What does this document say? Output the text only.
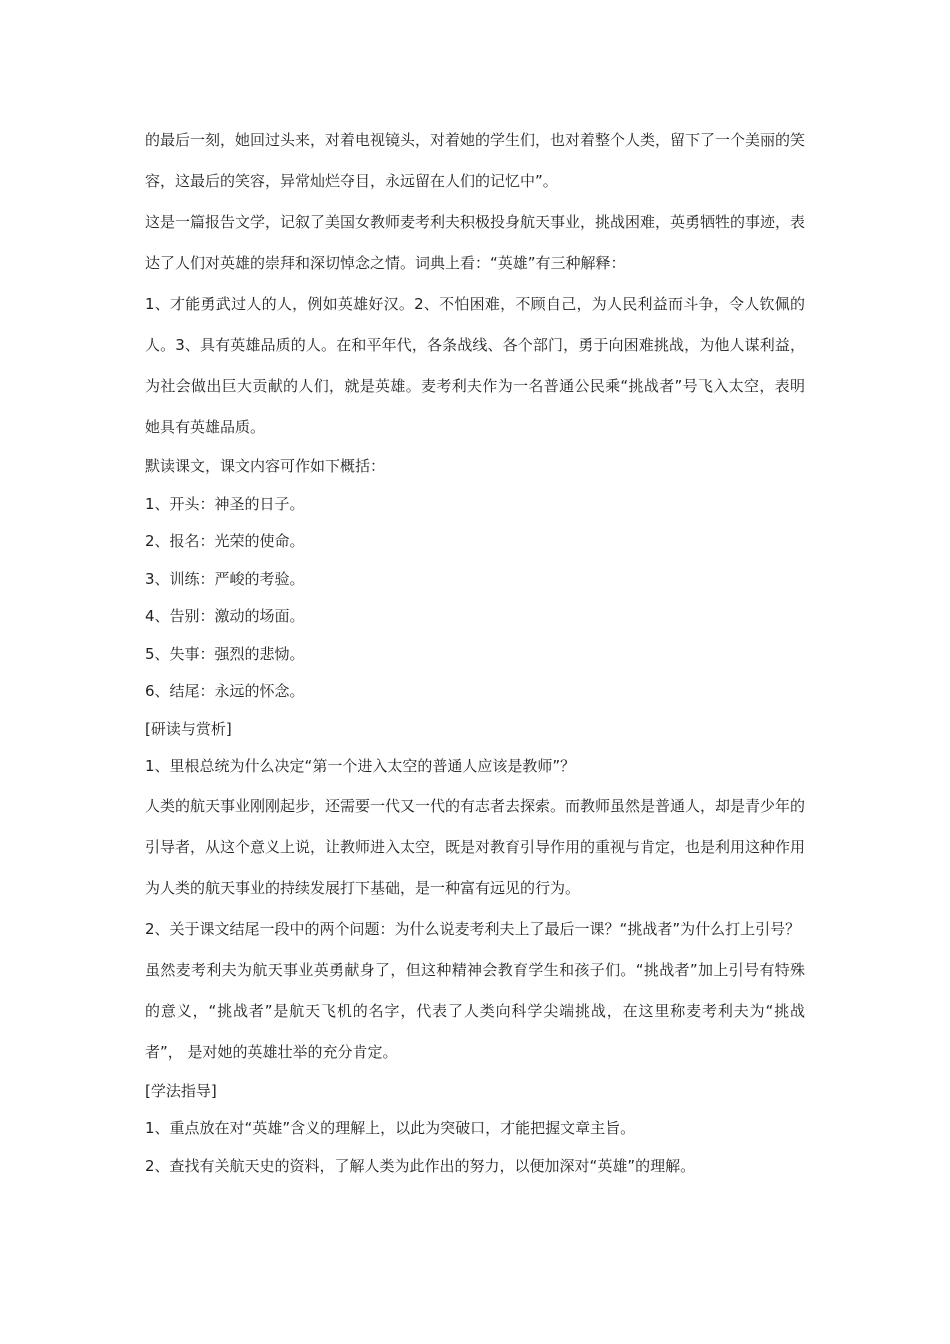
的最后一刻，她回过头来，对着电视镜头，对着她的学生们，也对着整个人类，留下了一个美丽的笑容，这最后的笑容，异常灿烂夺目，永远留在人们的记忆中”。

这是一篇报告文学，记叙了美国女教师麦考利夫积极投身航天事业，挑战困难，英勇牺牲的事迹，表达了人们对英雄的崇拜和深切悼念之情。词典上看：“英雄”有三种解释：

1、才能勇武过人的人，例如英雄好汉。2、不怕困难，不顾自己，为人民利益而斗争，令人钦佩的人。3、具有英雄品质的人。在和平年代，各条战线、各个部门，勇于向困难挑战，为他人谋利益，为社会做出巨大贡献的人们，就是英雄。麦考利夫作为一名普通公民乘“挑战者”号飞入太空，表明她具有英雄品质。

默读课文，课文内容可作如下概括：

1、开头：神圣的日子。

2、报名：光荣的使命。

3、训练：严峻的考验。

4、告别：激动的场面。

5、失事：强烈的悲恸。

6、结尾：永远的怀念。

[研读与赏析]

1、里根总统为什么决定“第一个进入太空的普通人应该是教师”？

人类的航天事业刚刚起步，还需要一代又一代的有志者去探索。而教师虽然是普通人，却是青少年的引导者，从这个意义上说，让教师进入太空，既是对教育引导作用的重视与肯定，也是利用这种作用为人类的航天事业的持续发展打下基础，是一种富有远见的行为。

2、关于课文结尾一段中的两个问题：为什么说麦考利夫上了最后一课？“挑战者”为什么打上引号？

虽然麦考利夫为航天事业英勇献身了，但这种精神会教育学生和孩子们。“挑战者”加上引号有特殊的意义，“挑战者”是航天飞机的名字，代表了人类向科学尖端挑战，在这里称麦考利夫为“挑战者”， 是对她的英雄壮举的充分肯定。

[学法指导]

1、重点放在对“英雄”含义的理解上，以此为突破口，才能把握文章主旨。

2、查找有关航天史的资料，了解人类为此作出的努力，以便加深对“英雄”的理解。
